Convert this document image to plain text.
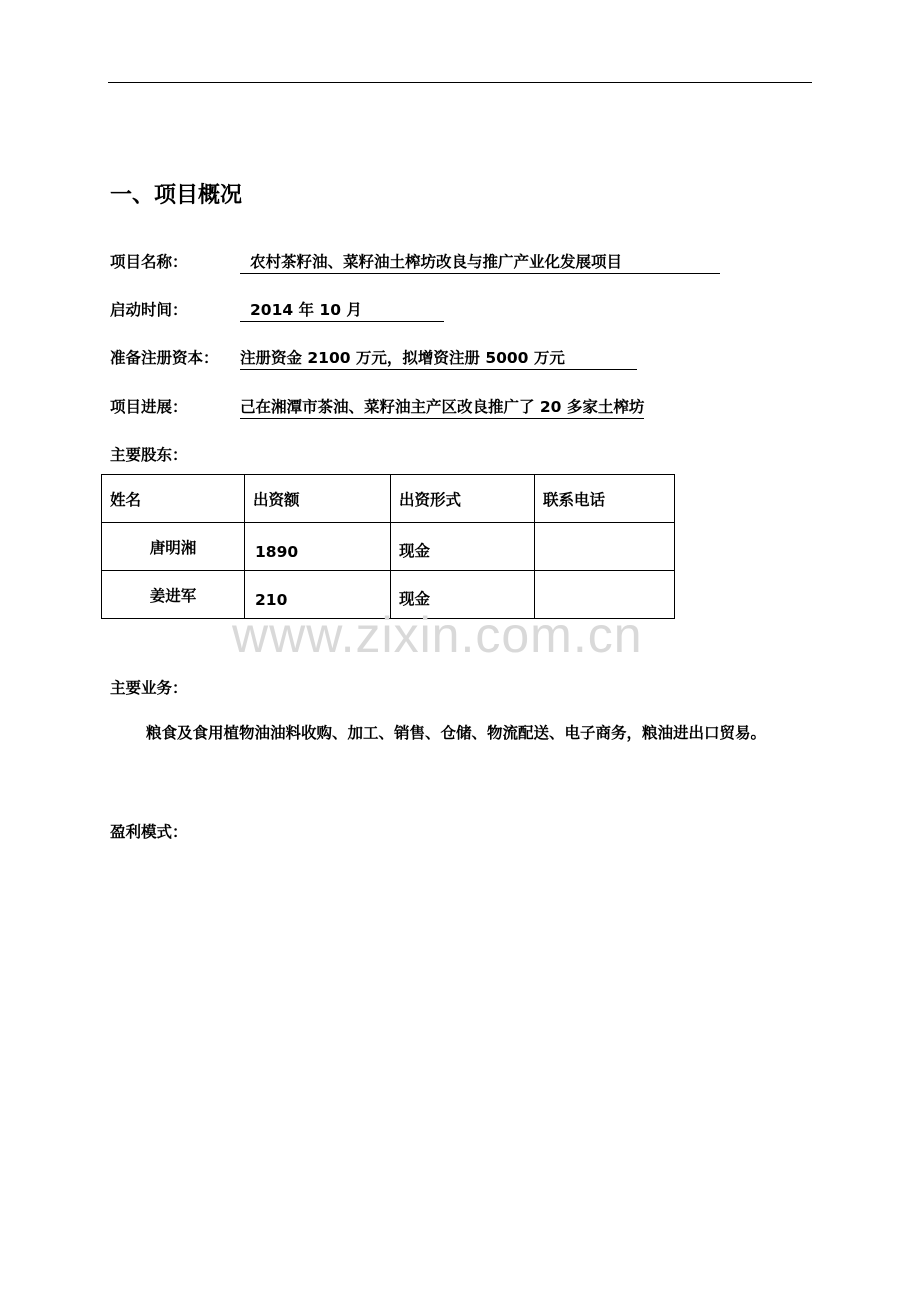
一、项目概况
项目名称：	农村茶籽油、菜籽油土榨坊改良与推广产业化发展项目
启动时间：	2014 年 10 月
准备注册资本： 注册资金 2100 万元，拟增资注册 5000 万元
项目进展：	己在湘潭市茶油、菜籽油主产区改良推广了 20 多家土榨坊
主要股东：
姓名	出资额	出资形式	联系电话
唐明湘	1890	现金	
姜进军	210	现金	
www.zixin.com.cn
主要业务：
粮食及食用植物油油料收购、加工、销售、仓储、物流配送、电子商务，粮油进出口贸易。
盈利模式：
